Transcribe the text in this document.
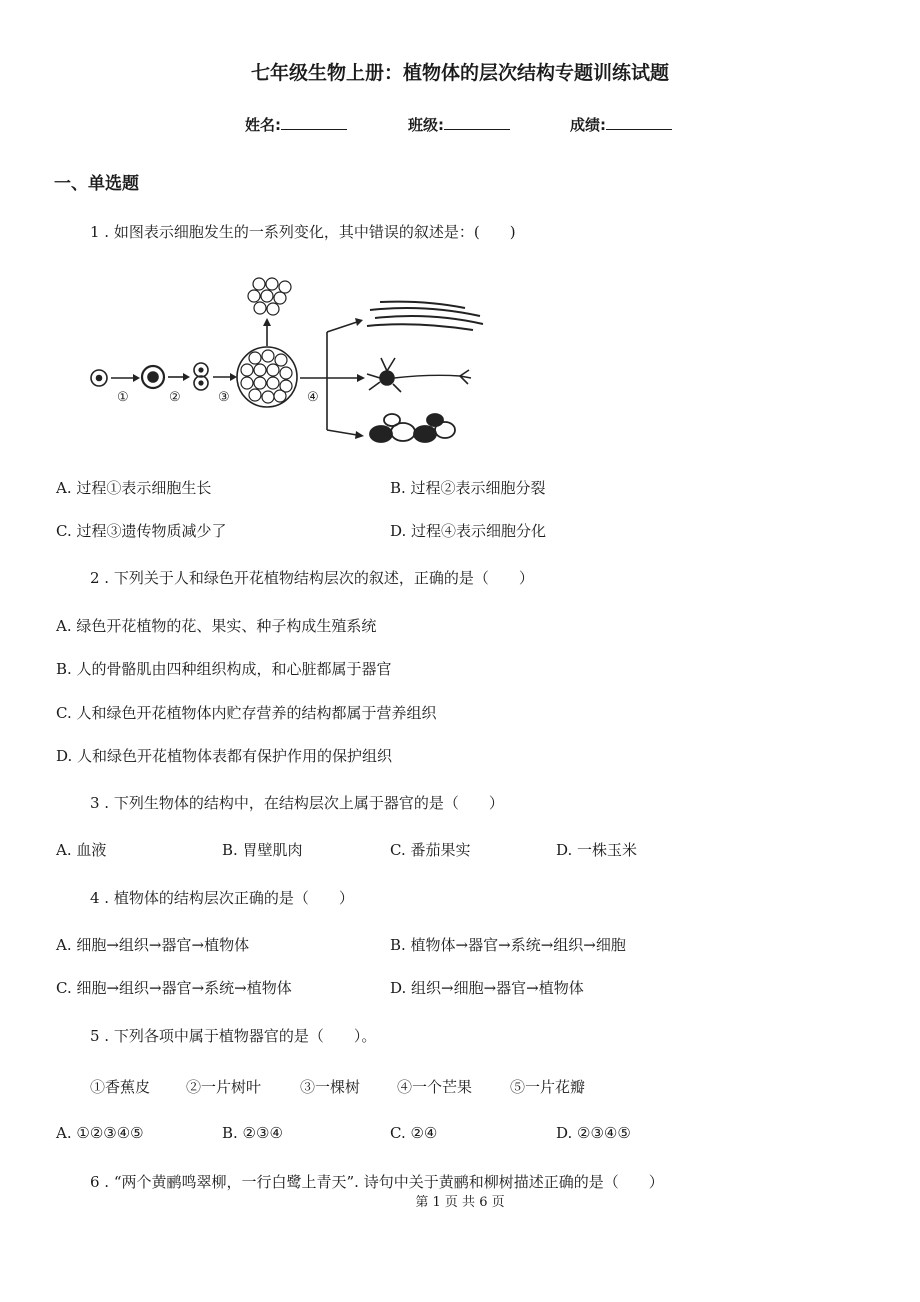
七年级生物上册：植物体的层次结构专题训练试题
姓名:	班级:	成绩:
一、单选题
1 . 如图表示细胞发生的一系列变化，其中错误的叙述是：(　　)
①	②	③	④
A. 过程①表示细胞生长	B. 过程②表示细胞分裂
C. 过程③遗传物质减少了	D. 过程④表示细胞分化
2 . 下列关于人和绿色开花植物结构层次的叙述，正确的是（　　）
A. 绿色开花植物的花、果实、种子构成生殖系统
B. 人的骨骼肌由四种组织构成，和心脏都属于器官
C. 人和绿色开花植物体内贮存营养的结构都属于营养组织
D. 人和绿色开花植物体表都有保护作用的保护组织
3 . 下列生物体的结构中，在结构层次上属于器官的是（　　）
A. 血液	B. 胃壁肌肉	C. 番茄果实	D. 一株玉米
4 . 植物体的结构层次正确的是（　　）
A. 细胞→组织→器官→植物体	B. 植物体→器官→系统→组织→细胞
C. 细胞→组织→器官→系统→植物体	D. 组织→细胞→器官→植物体
5 . 下列各项中属于植物器官的是（　　）。
①香蕉皮 ②一片树叶	③一棵树 ④一个芒果	⑤一片花瓣
A. ①②③④⑤	B. ②③④	C. ②④	D. ②③④⑤
6 . “两个黄鹂鸣翠柳，一行白鹭上青天”. 诗句中关于黄鹂和柳树描述正确的是（　　）
第 1 页 共 6 页
